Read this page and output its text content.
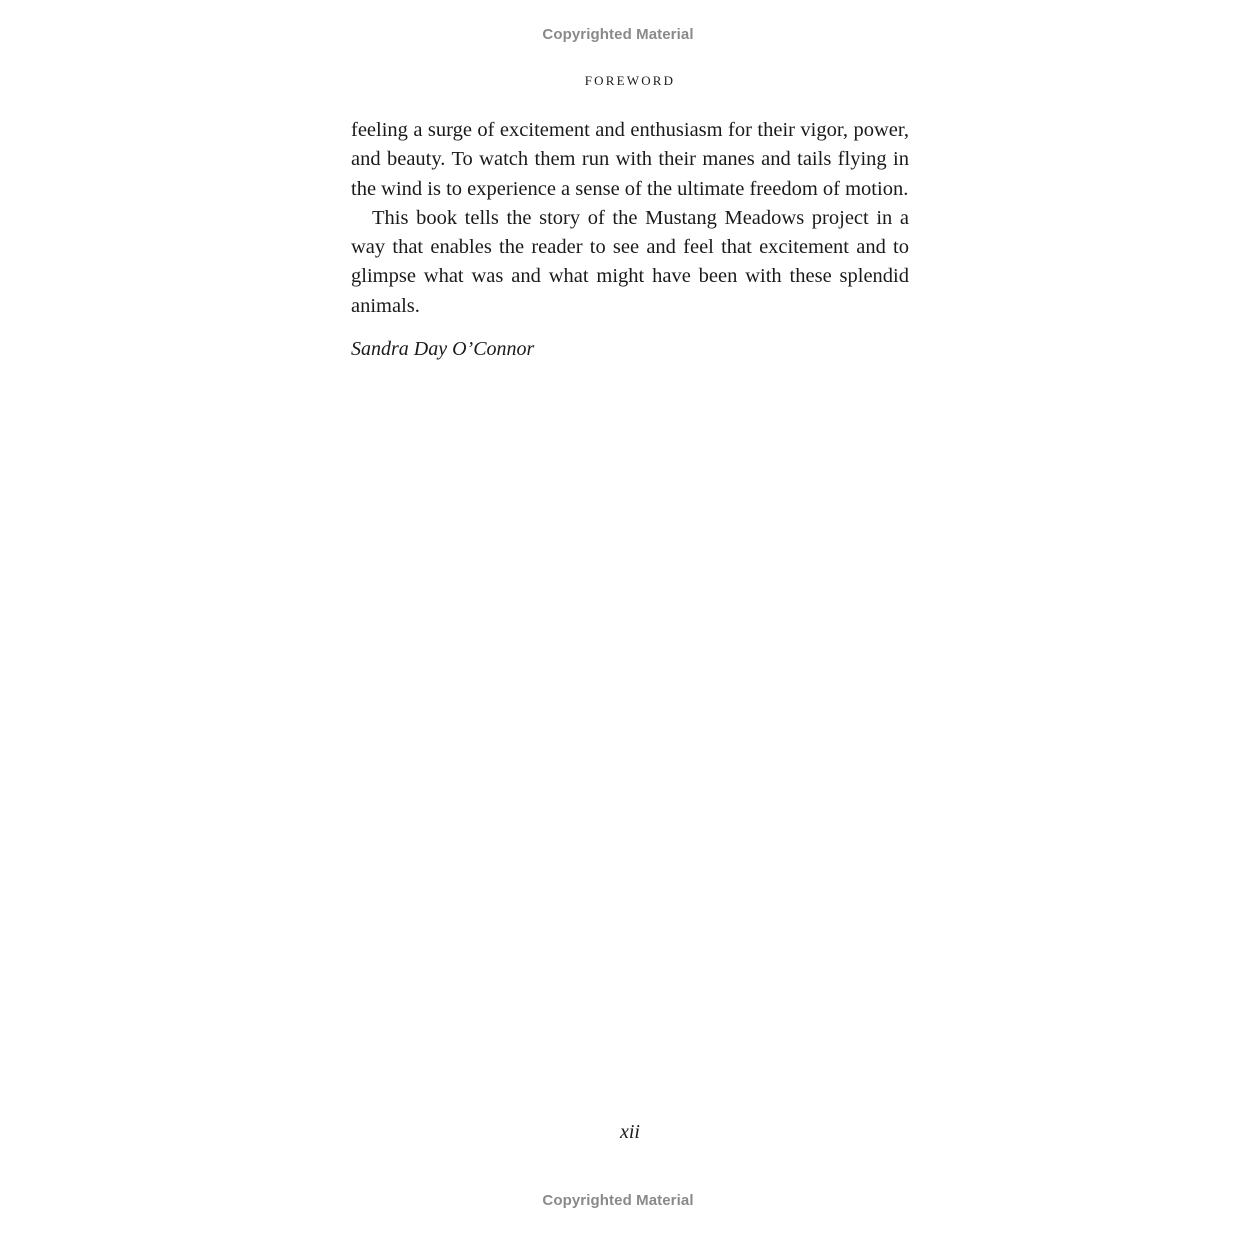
Copyrighted Material
FOREWORD

feeling a surge of excitement and enthusiasm for their vigor, power, and beauty. To watch them run with their manes and tails flying in the wind is to experience a sense of the ultimate freedom of motion.

This book tells the story of the Mustang Meadows project in a way that enables the reader to see and feel that excitement and to glimpse what was and what might have been with these splendid animals.

Sandra Day O’Connor

xii
Copyrighted Material
